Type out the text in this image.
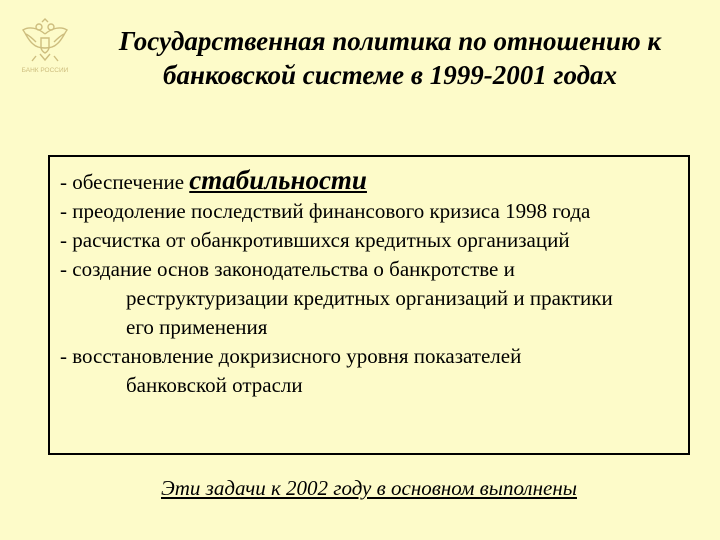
БАНК РОССИИ
Государственная политика по отношению к
банковской системе в 1999-2001 годах
- обеспечение стабильности
- преодоление последствий финансового кризиса 1998 года
- расчистка от обанкротившихся кредитных организаций
- создание основ законодательства о банкротстве и
реструктуризации кредитных организаций и практики
его применения
- восстановление докризисного уровня показателей
банковской отрасли

Эти задачи к 2002 году в основном выполнены
